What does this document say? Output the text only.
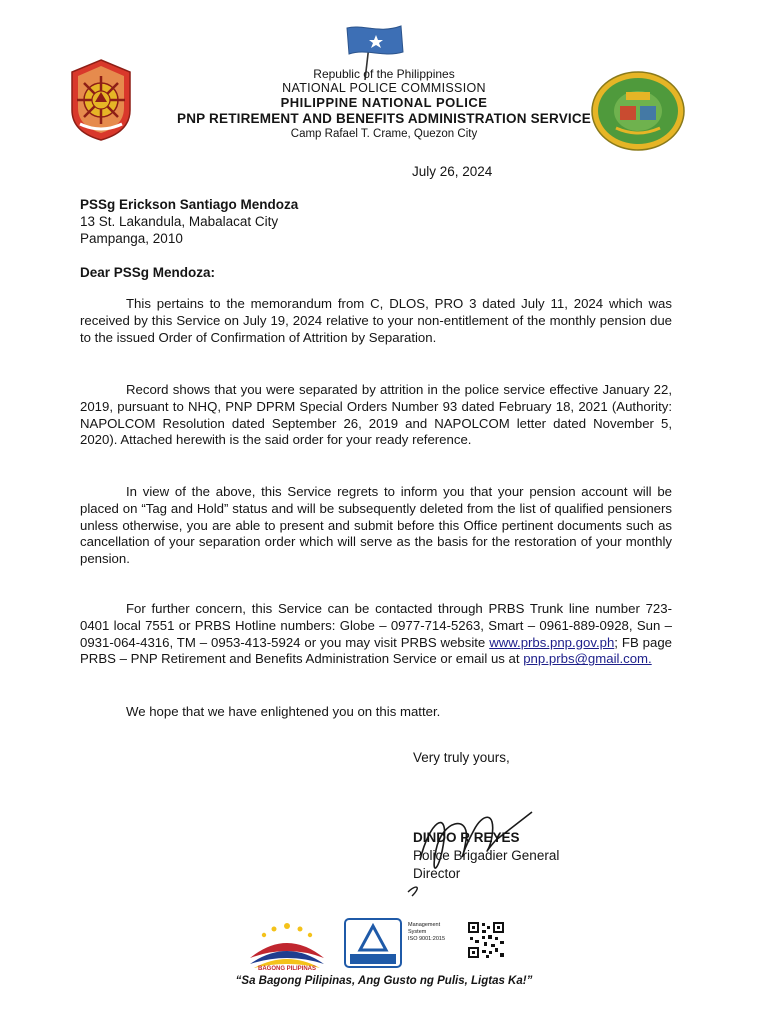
Republic of the Philippines
NATIONAL POLICE COMMISSION
PHILIPPINE NATIONAL POLICE
PNP RETIREMENT AND BENEFITS ADMINISTRATION SERVICE
Camp Rafael T. Crame, Quezon City
July 26, 2024
PSSg Erickson Santiago Mendoza
13 St. Lakandula, Mabalacat City
Pampanga, 2010
Dear PSSg Mendoza:
This pertains to the memorandum from C, DLOS, PRO 3 dated July 11, 2024 which was received by this Service on July 19, 2024 relative to your non-entitlement of the monthly pension due to the issued Order of Confirmation of Attrition by Separation.
Record shows that you were separated by attrition in the police service effective January 22, 2019, pursuant to NHQ, PNP DPRM Special Orders Number 93 dated February 18, 2021 (Authority: NAPOLCOM Resolution dated September 26, 2019 and NAPOLCOM letter dated November 5, 2020). Attached herewith is the said order for your ready reference.
In view of the above, this Service regrets to inform you that your pension account will be placed on “Tag and Hold” status and will be subsequently deleted from the list of qualified pensioners unless otherwise, you are able to present and submit before this Office pertinent documents such as cancellation of your separation order which will serve as the basis for the restoration of your monthly pension.
For further concern, this Service can be contacted through PRBS Trunk line number 723-0401 local 7551 or PRBS Hotline numbers: Globe – 0977-714-5263, Smart – 0961-889-0928, Sun – 0931-064-4316, TM – 0953-413-5924 or you may visit PRBS website www.prbs.pnp.gov.ph; FB page PRBS – PNP Retirement and Benefits Administration Service or email us at pnp.prbs@gmail.com.
We hope that we have enlightened you on this matter.
Very truly yours,
DINDO R REYES
Police Brigadier General
Director
BAGONG PILIPINAS
Management
System
ISO 9001:2015
“Sa Bagong Pilipinas, Ang Gusto ng Pulis, Ligtas Ka!”
